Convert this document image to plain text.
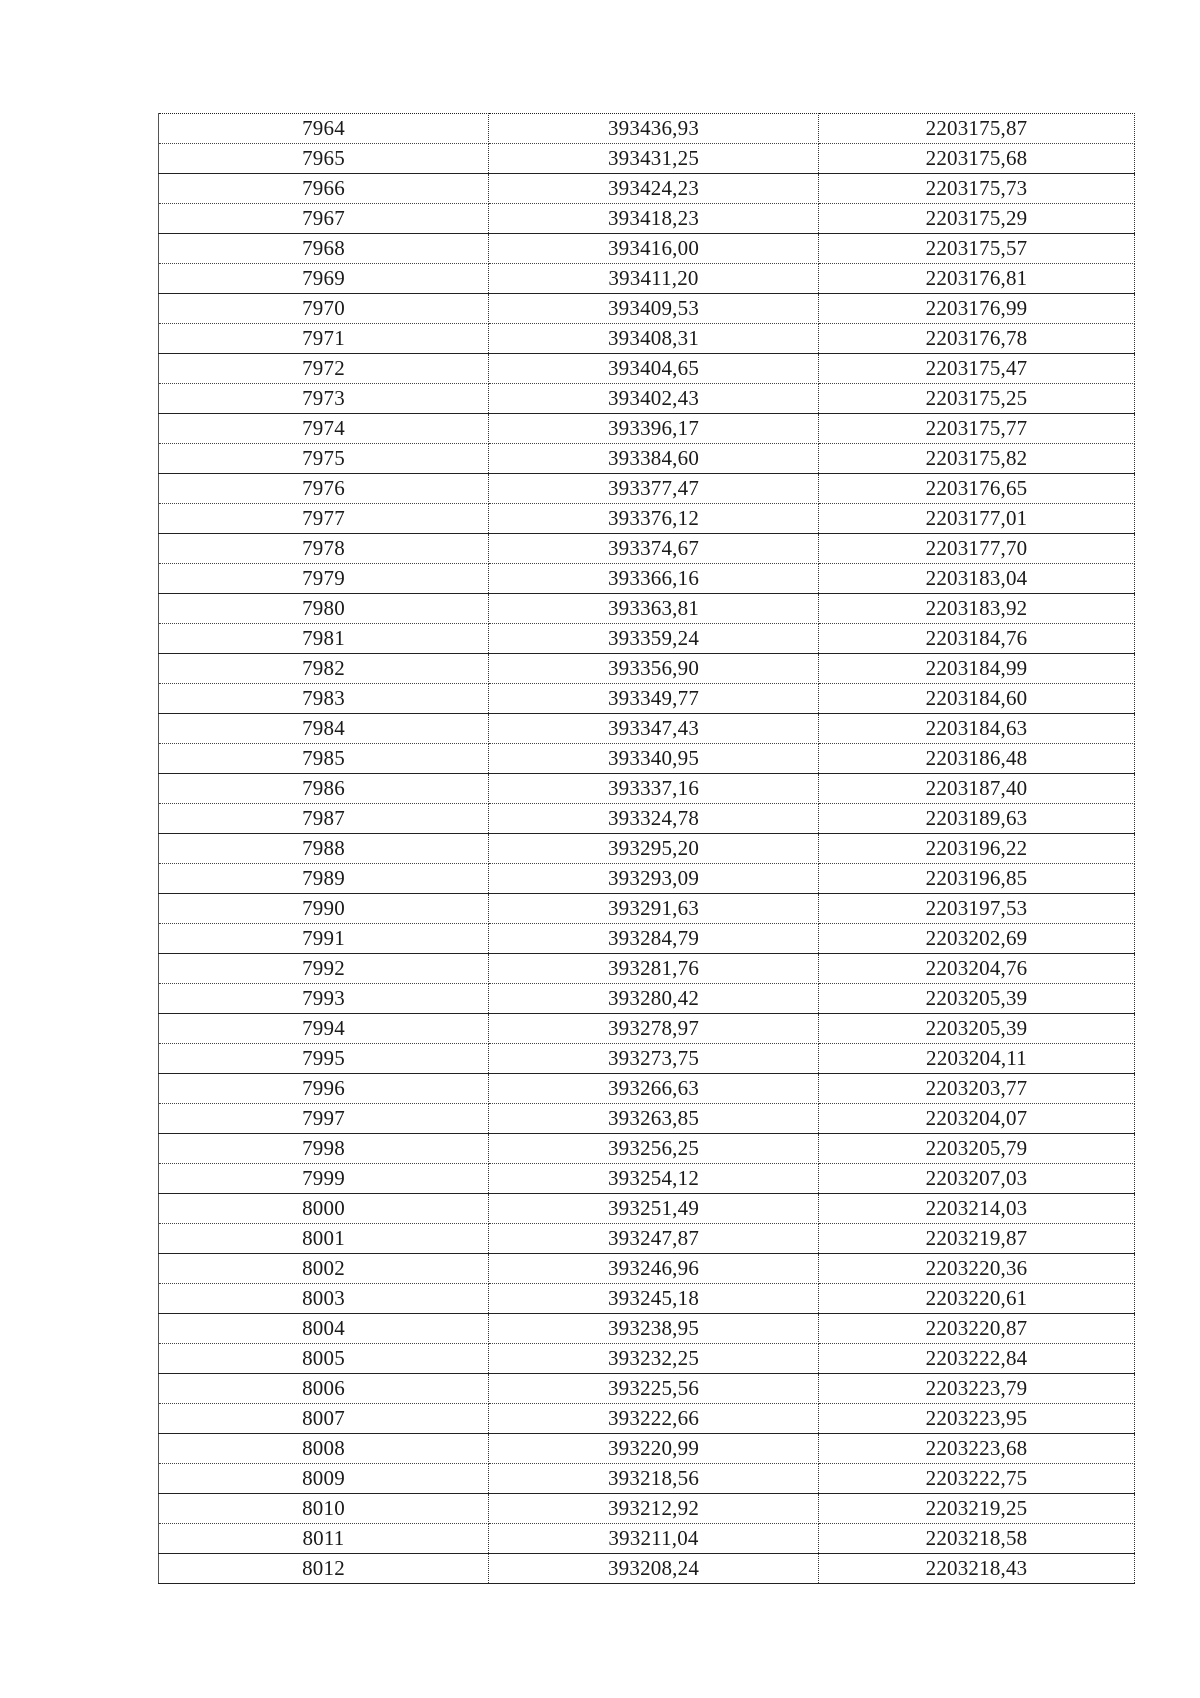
7964	393436,93	2203175,87
7965	393431,25	2203175,68
7966	393424,23	2203175,73
7967	393418,23	2203175,29
7968	393416,00	2203175,57
7969	393411,20	2203176,81
7970	393409,53	2203176,99
7971	393408,31	2203176,78
7972	393404,65	2203175,47
7973	393402,43	2203175,25
7974	393396,17	2203175,77
7975	393384,60	2203175,82
7976	393377,47	2203176,65
7977	393376,12	2203177,01
7978	393374,67	2203177,70
7979	393366,16	2203183,04
7980	393363,81	2203183,92
7981	393359,24	2203184,76
7982	393356,90	2203184,99
7983	393349,77	2203184,60
7984	393347,43	2203184,63
7985	393340,95	2203186,48
7986	393337,16	2203187,40
7987	393324,78	2203189,63
7988	393295,20	2203196,22
7989	393293,09	2203196,85
7990	393291,63	2203197,53
7991	393284,79	2203202,69
7992	393281,76	2203204,76
7993	393280,42	2203205,39
7994	393278,97	2203205,39
7995	393273,75	2203204,11
7996	393266,63	2203203,77
7997	393263,85	2203204,07
7998	393256,25	2203205,79
7999	393254,12	2203207,03
8000	393251,49	2203214,03
8001	393247,87	2203219,87
8002	393246,96	2203220,36
8003	393245,18	2203220,61
8004	393238,95	2203220,87
8005	393232,25	2203222,84
8006	393225,56	2203223,79
8007	393222,66	2203223,95
8008	393220,99	2203223,68
8009	393218,56	2203222,75
8010	393212,92	2203219,25
8011	393211,04	2203218,58
8012	393208,24	2203218,43
